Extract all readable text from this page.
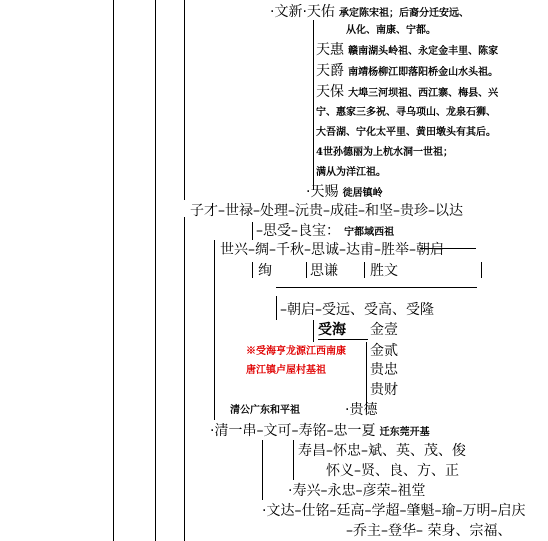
·文新·天佑 承定陈宋祖；后裔分迁安远、
从化、南康、宁都。
天惠 赣南湖头岭祖、永定金丰里、陈家
天爵 南靖杨柳江即落阳桥金山水头祖。
天保 大埠三河坝祖、西江寨、梅县、兴
宁、惠家三多祝、寻乌项山、龙泉石狮、
大吾湖、宁化太平里、黄田墩头有其后。
4世孙德丽为上杭水洞一世祖；
满从为洋江祖。
·天赐 徙居镇岭
子才–世禄–处理–沅贵–成硅–和坚–贵珍–以达
–思受–良宝： 宁都域西祖
世兴–绸–千秋–思诚–达甫–胜举–朝启
绚	思谦 胜文
–朝启–受远、受高、受隆
受海 金壹
※受海亨龙源江西南康 金贰
唐江镇卢屋村基祖	贵忠
贵财
清公广东和平祖	·贵德
·清一串–文可–寿铭–忠一夏 迁东莞开基
寿昌–怀忠–斌、英、茂、俊
怀义–贤、良、方、正
·寿兴–永忠–彦荣–祖堂
·文达–仕铭–廷高–学超–肇魁–瑜–万明–启庆
–乔主–登华– 荣身、宗福、
